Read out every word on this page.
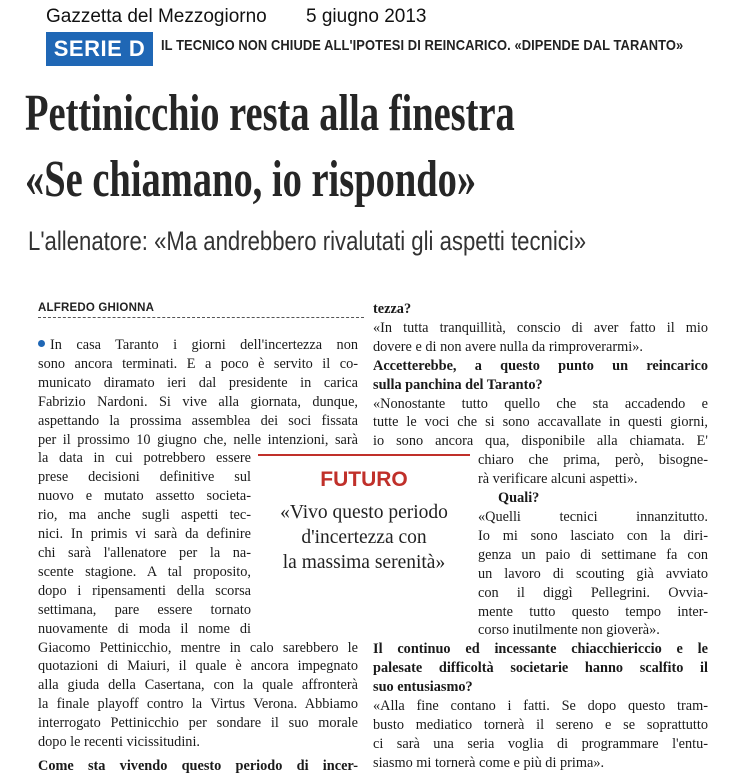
Gazzetta del Mezzogiorno 5 giugno 2013
SERIE D	IL TECNICO NON CHIUDE ALL'IPOTESI DI REINCARICO. «DIPENDE DAL TARANTO»
Pettinicchio resta alla finestra
«Se chiamano, io rispondo»
L'allenatore: «Ma andrebbero rivalutati gli aspetti tecnici»
ALFREDO GHIONNA
In casa Taranto i giorni dell'incertezza non
sono ancora terminati. E a poco è servito il co-
municato diramato ieri dal presidente in carica
Fabrizio Nardoni. Si vive alla giornata, dunque,
aspettando la prossima assemblea dei soci fissata
per il prossimo 10 giugno che, nelle intenzioni, sarà
la data in cui potrebbero essere
prese decisioni definitive sul
nuovo e mutato assetto societa-
rio, ma anche sugli aspetti tec-
nici. In primis vi sarà da definire
chi sarà l'allenatore per la na-
scente stagione. A tal proposito,
dopo i ripensamenti della scorsa
settimana, pare essere tornato
nuovamente di moda il nome di
Giacomo Pettinicchio, mentre in calo sarebbero le
quotazioni di Maiuri, il quale è ancora impegnato
alla giuda della Casertana, con la quale affronterà
la finale playoff contro la Virtus Verona. Abbiamo
interrogato Pettinicchio per sondare il suo morale
dopo le recenti vicissitudini.
Come sta vivendo questo periodo di incer-
FUTURO
«Vivo questo periodo
d'incertezza con
la massima serenità»
tezza?
«In tutta tranquillità, conscio di aver fatto il mio
dovere e di non avere nulla da rimproverarmi».
Accetterebbe, a questo punto un reincarico
sulla panchina del Taranto?
«Nonostante tutto quello che sta accadendo e
tutte le voci che si sono accavallate in questi giorni,
io sono ancora qua, disponibile alla chiamata. E'
chiaro che prima, però, bisogne-
rà verificare alcuni aspetti».
Quali?
«Quelli tecnici innanzitutto.
Io mi sono lasciato con la diri-
genza un paio di settimane fa con
un lavoro di scouting già avviato
con il diggì Pellegrini. Ovvia-
mente tutto questo tempo inter-
corso inutilmente non gioverà».
Il continuo ed incessante chiacchiericcio e le
palesate difficoltà societarie hanno scalfito il
suo entusiasmo?
«Alla fine contano i fatti. Se dopo questo tram-
busto mediatico tornerà il sereno e se soprattutto
ci sarà una seria voglia di programmare l'entu-
siasmo mi tornerà come e più di prima».
